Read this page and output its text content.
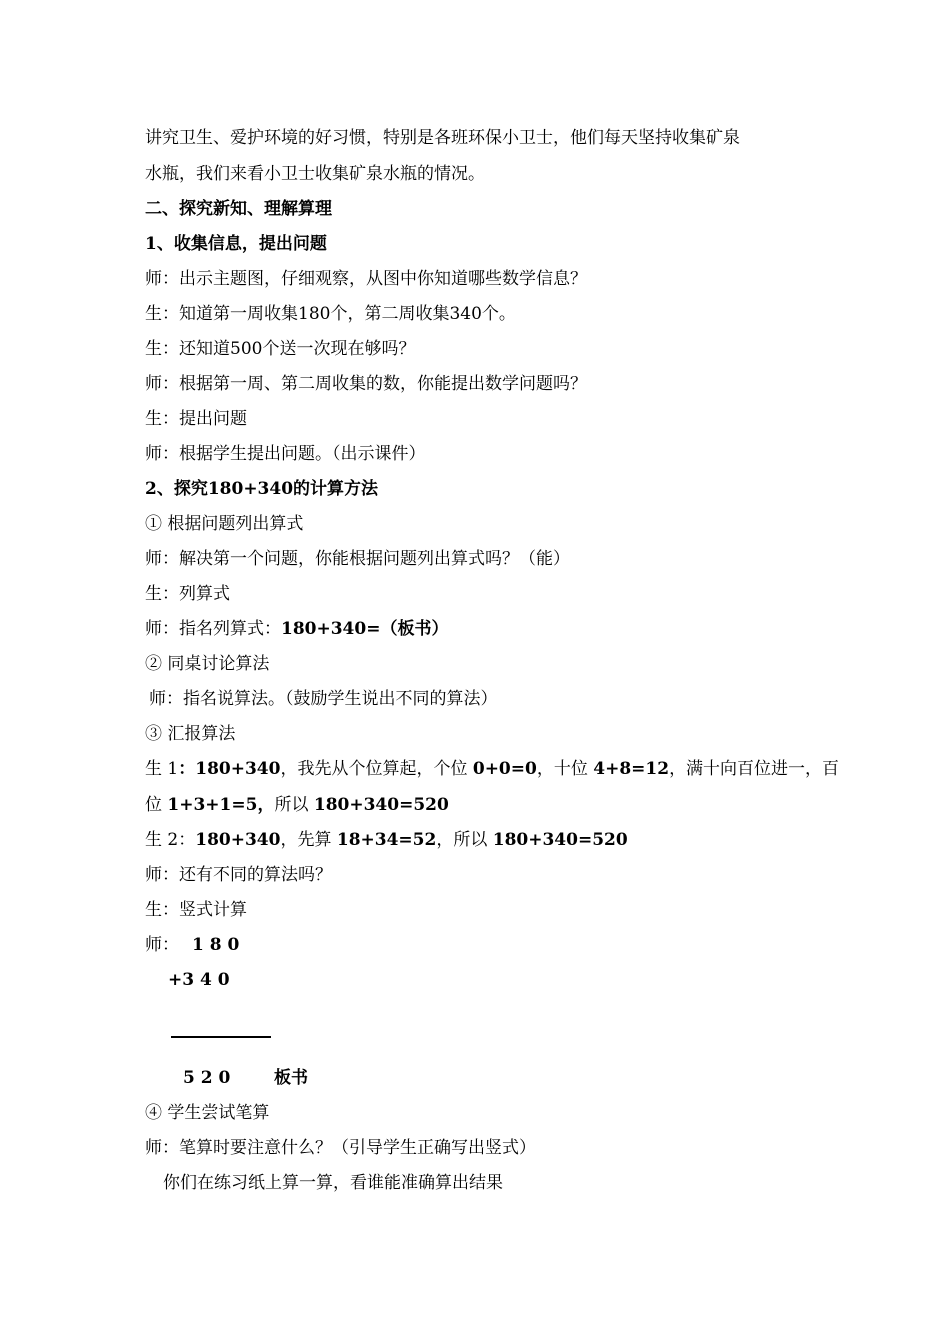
讲究卫生、爱护环境的好习惯，特别是各班环保小卫士，他们每天坚持收集矿泉
水瓶，我们来看小卫士收集矿泉水瓶的情况。
二、探究新知、理解算理
1、收集信息，提出问题
师：出示主题图，仔细观察，从图中你知道哪些数学信息？
生：知道第一周收集180个，第二周收集340个。
生：还知道500个送一次现在够吗？
师：根据第一周、第二周收集的数，你能提出数学问题吗？
生：提出问题
师：根据学生提出问题。（出示课件）
2、探究180+340的计算方法
① 根据问题列出算式
师：解决第一个问题，你能根据问题列出算式吗？（能）
生：列算式
师：指名列算式：180+340=（板书）
② 同桌讨论算法
师：指名说算法。（鼓励学生说出不同的算法）
③ 汇报算法
生 1：180+340，我先从个位算起，个位 0+0=0，十位 4+8=12，满十向百位进一，百
位 1+3+1=5，所以 180+340=520
生 2：180+340，先算 18+34=52，所以 180+340=520
师：还有不同的算法吗？
生：竖式计算
师： 1 8 0
+3 4 0
5 2 0	板书
④ 学生尝试笔算
师：笔算时要注意什么？（引导学生正确写出竖式）
你们在练习纸上算一算，看谁能准确算出结果
